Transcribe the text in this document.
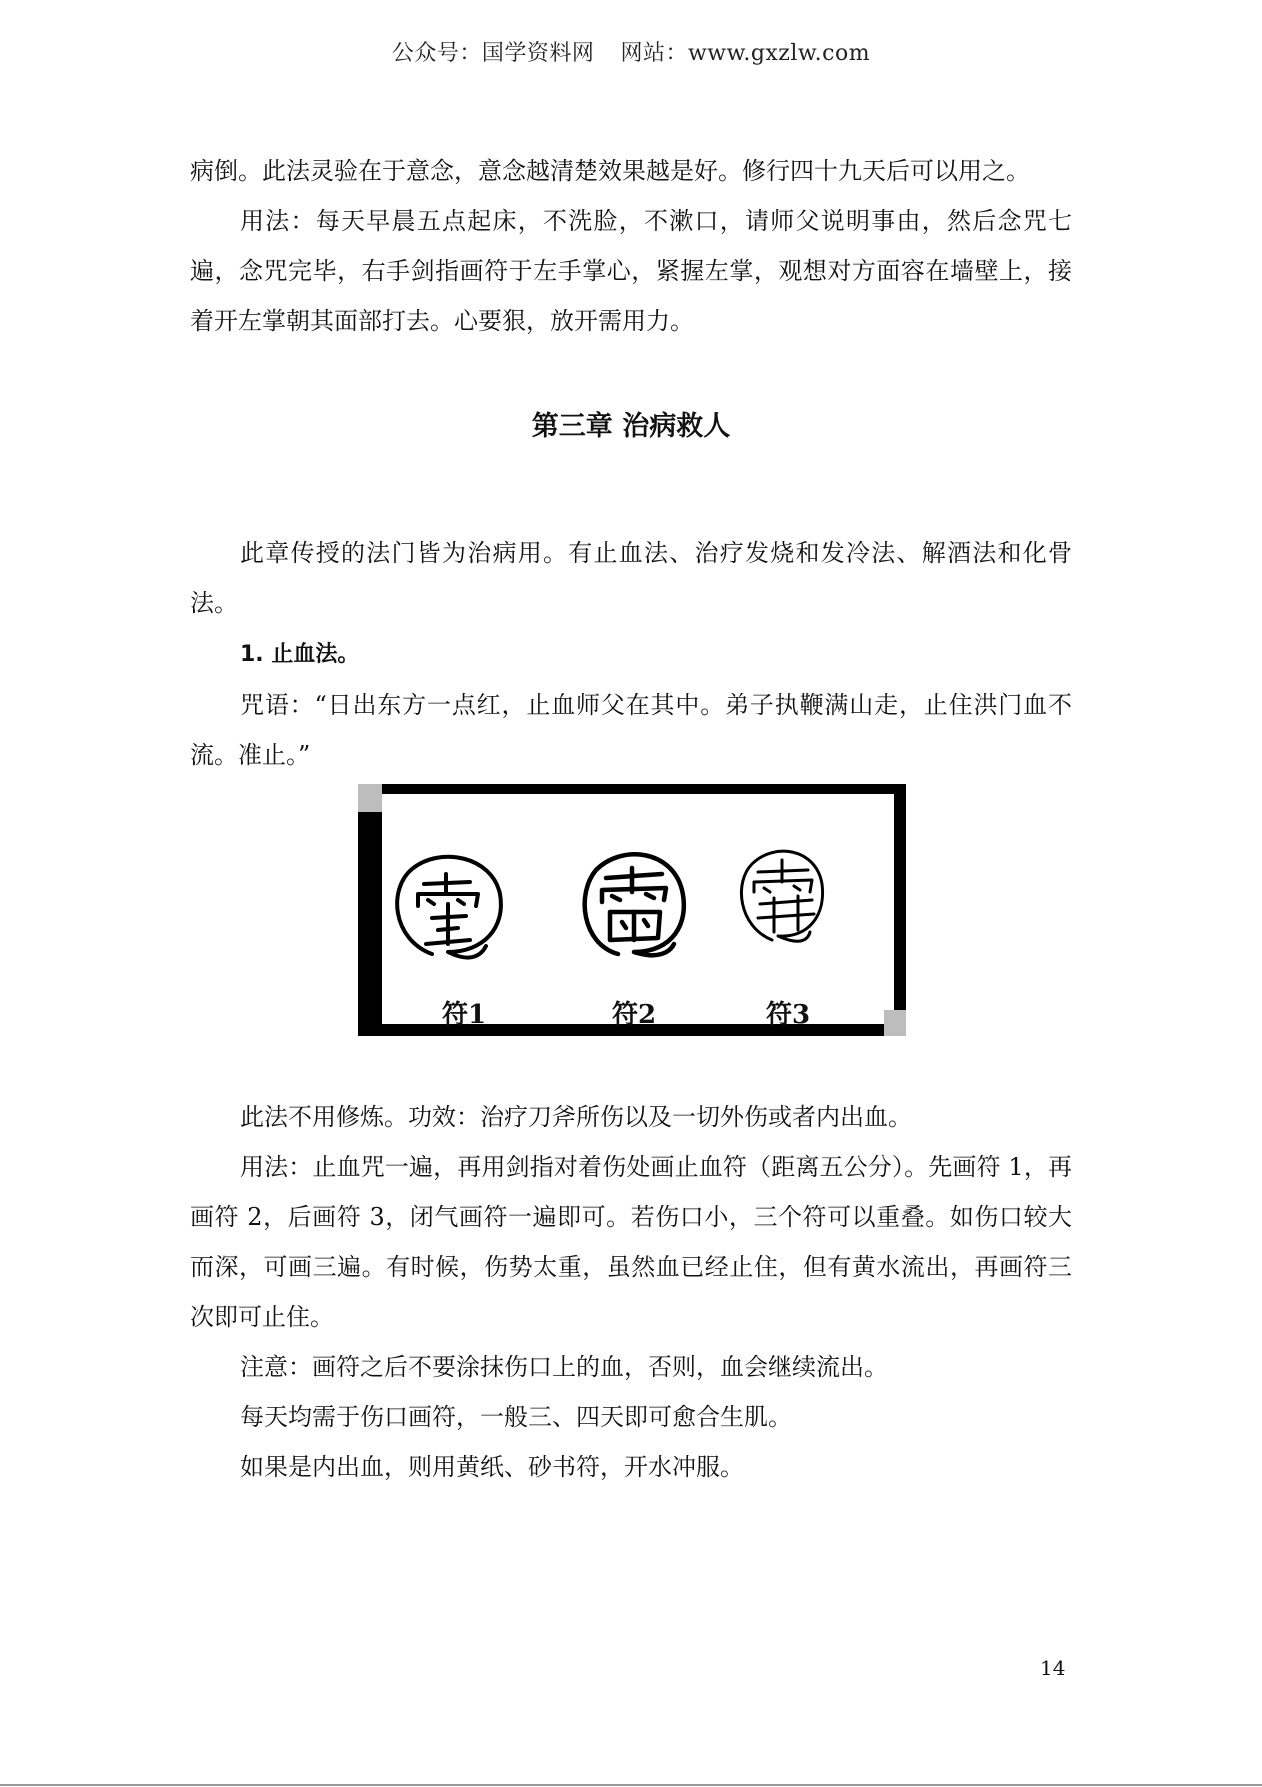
公众号：国学资料网 网站：www.gxzlw.com

病倒。此法灵验在于意念，意念越清楚效果越是好。修行四十九天后可以用之。

用法：每天早晨五点起床，不洗脸，不漱口，请师父说明事由，然后念咒七遍，念咒完毕，右手剑指画符于左手掌心，紧握左掌，观想对方面容在墙壁上，接着开左掌朝其面部打去。心要狠，放开需用力。

第三章 治病救人

此章传授的法门皆为治病用。有止血法、治疗发烧和发冷法、解酒法和化骨法。

1. 止血法。

咒语：“日出东方一点红，止血师父在其中。弟子执鞭满山走，止住洪门血不流。准止。”

符1	符2	符3

此法不用修炼。功效：治疗刀斧所伤以及一切外伤或者内出血。

用法：止血咒一遍，再用剑指对着伤处画止血符（距离五公分）。先画符 1，再画符 2，后画符 3，闭气画符一遍即可。若伤口小，三个符可以重叠。如伤口较大而深，可画三遍。有时候，伤势太重，虽然血已经止住，但有黄水流出，再画符三次即可止住。

注意：画符之后不要涂抹伤口上的血，否则，血会继续流出。

每天均需于伤口画符，一般三、四天即可愈合生肌。

如果是内出血，则用黄纸、砂书符，开水冲服。

14
